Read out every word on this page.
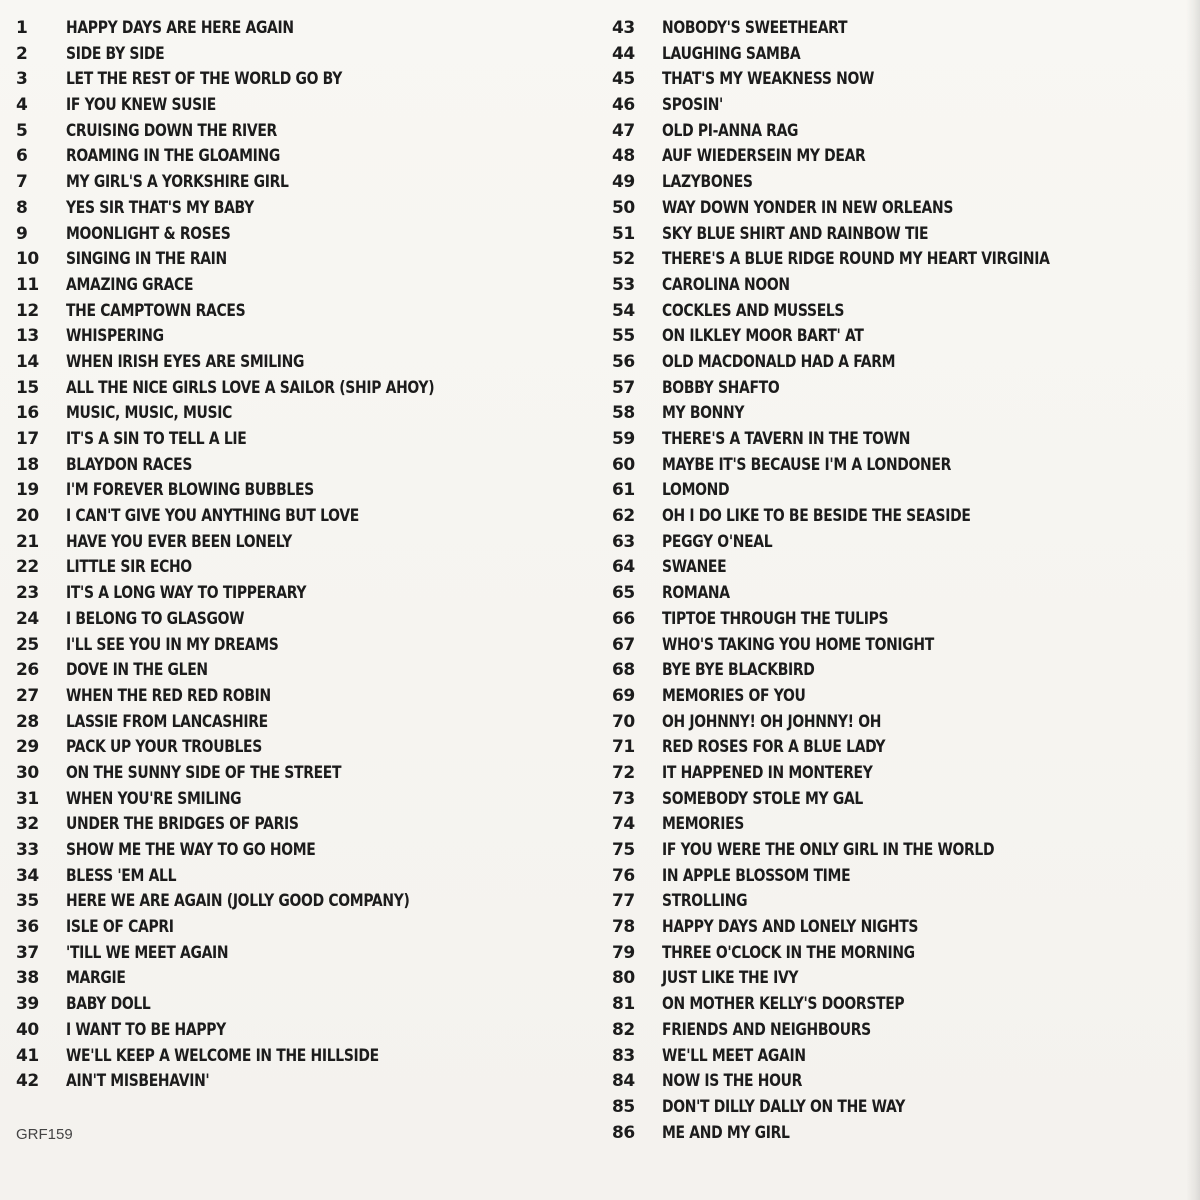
1	HAPPY DAYS ARE HERE AGAIN
2	SIDE BY SIDE
3	LET THE REST OF THE WORLD GO BY
4	IF YOU KNEW SUSIE
5	CRUISING DOWN THE RIVER
6	ROAMING IN THE GLOAMING
7	MY GIRL'S A YORKSHIRE GIRL
8	YES SIR THAT'S MY BABY
9	MOONLIGHT & ROSES
10	SINGING IN THE RAIN
11	AMAZING GRACE
12	THE CAMPTOWN RACES
13	WHISPERING
14	WHEN IRISH EYES ARE SMILING
15	ALL THE NICE GIRLS LOVE A SAILOR (SHIP AHOY)
16	MUSIC, MUSIC, MUSIC
17	IT'S A SIN TO TELL A LIE
18	BLAYDON RACES
19	I'M FOREVER BLOWING BUBBLES
20	I CAN'T GIVE YOU ANYTHING BUT LOVE
21	HAVE YOU EVER BEEN LONELY
22	LITTLE SIR ECHO
23	IT'S A LONG WAY TO TIPPERARY
24	I BELONG TO GLASGOW
25	I'LL SEE YOU IN MY DREAMS
26	DOVE IN THE GLEN
27	WHEN THE RED RED ROBIN
28	LASSIE FROM LANCASHIRE
29	PACK UP YOUR TROUBLES
30	ON THE SUNNY SIDE OF THE STREET
31	WHEN YOU'RE SMILING
32	UNDER THE BRIDGES OF PARIS
33	SHOW ME THE WAY TO GO HOME
34	BLESS 'EM ALL
35	HERE WE ARE AGAIN (JOLLY GOOD COMPANY)
36	ISLE OF CAPRI
37	'TILL WE MEET AGAIN
38	MARGIE
39	BABY DOLL
40	I WANT TO BE HAPPY
41	WE'LL KEEP A WELCOME IN THE HILLSIDE
42	AIN'T MISBEHAVIN'
43	NOBODY'S SWEETHEART
44	LAUGHING SAMBA
45	THAT'S MY WEAKNESS NOW
46	SPOSIN'
47	OLD PI-ANNA RAG
48	AUF WIEDERSEIN MY DEAR
49	LAZYBONES
50	WAY DOWN YONDER IN NEW ORLEANS
51	SKY BLUE SHIRT AND RAINBOW TIE
52	THERE'S A BLUE RIDGE ROUND MY HEART VIRGINIA
53	CAROLINA NOON
54	COCKLES AND MUSSELS
55	ON ILKLEY MOOR BART' AT
56	OLD MACDONALD HAD A FARM
57	BOBBY SHAFTO
58	MY BONNY
59	THERE'S A TAVERN IN THE TOWN
60	MAYBE IT'S BECAUSE I'M A LONDONER
61	LOMOND
62	OH I DO LIKE TO BE BESIDE THE SEASIDE
63	PEGGY O'NEAL
64	SWANEE
65	ROMANA
66	TIPTOE THROUGH THE TULIPS
67	WHO'S TAKING YOU HOME TONIGHT
68	BYE BYE BLACKBIRD
69	MEMORIES OF YOU
70	OH JOHNNY! OH JOHNNY! OH
71	RED ROSES FOR A BLUE LADY
72	IT HAPPENED IN MONTEREY
73	SOMEBODY STOLE MY GAL
74	MEMORIES
75	IF YOU WERE THE ONLY GIRL IN THE WORLD
76	IN APPLE BLOSSOM TIME
77	STROLLING
78	HAPPY DAYS AND LONELY NIGHTS
79	THREE O'CLOCK IN THE MORNING
80	JUST LIKE THE IVY
81	ON MOTHER KELLY'S DOORSTEP
82	FRIENDS AND NEIGHBOURS
83	WE'LL MEET AGAIN
84	NOW IS THE HOUR
85	DON'T DILLY DALLY ON THE WAY
86	ME AND MY GIRL
GRF159
